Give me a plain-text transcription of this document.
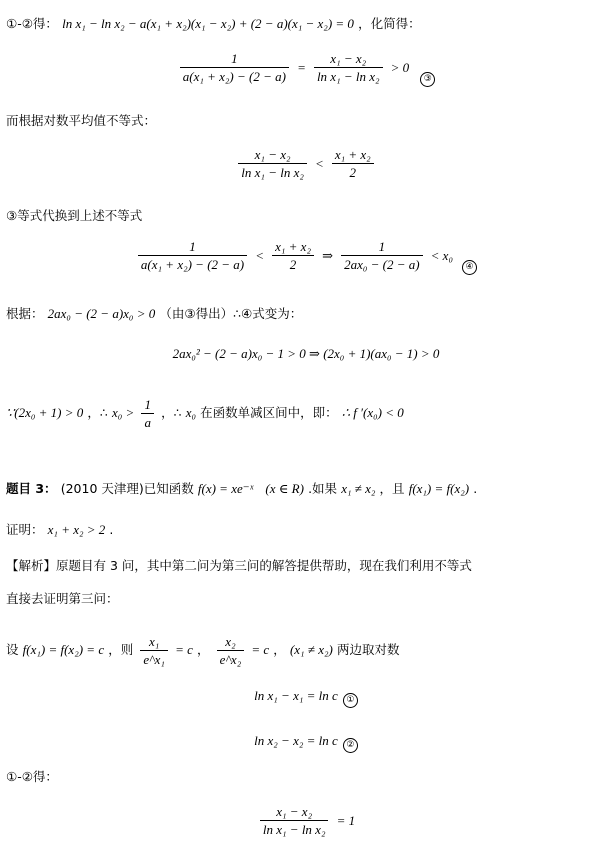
①-②得： ln x₁ − ln x₂ − a(x₁ + x₂)(x₁ − x₂) + (2 − a)(x₁ − x₂) = 0 ，化简得：
$\frac{1}{\text{a(x₁ + x₂) − (2 − a)}} = \frac{\text{x₁ − x₂}}{\text{ln x₁ − ln x₂}} > 0$ ③
而根据对数平均值不等式：
$\frac{\text{x₁ − x₂}}{\text{ln x₁ − ln x₂}} < \frac{\text{x₁ + x₂}}{2}$
③等式代换到上述不等式
$\frac{1}{\text{a(x₁ + x₂) − (2 − a)}} < \frac{\text{x₁ + x₂}}{2}$ ⇒ $\frac{1}{\text{2ax₀ − (2 − a)}} < x_0$ ④
根据： 2ax₀ − (2 − a)x₀ > 0 （由③得出）∴④式变为：
2ax₀² − (2 − a)x₀ − 1 > 0 ⇒ (2x₀ + 1)(ax₀ − 1) > 0
∵(2x₀ + 1) > 0 ，∴ $x_0 > \frac{1}{a}$ ，∴ x₀ 在函数单减区间中，即： ∴ f ′(x₀) < 0
题目 3： (2010 天津理)已知函数 f(x) = xe⁻ˣ (x ∈ R) .如果 x₁ ≠ x₂ ，且 f(x₁) = f(x₂) .
证明： x₁ + x₂ > 2 .
【解析】原题目有 3 问，其中第二问为第三问的解答提供帮助，现在我们利用不等式
直接去证明第三问：
设 f(x₁) = f(x₂) = c ，则 $\frac{\text{x₁}}{\text{e\textasciicircum{}x₁}} = c$ ， $\frac{\text{x₂}}{\text{e\textasciicircum{}x₂}} = c$ ， (x₁ ≠ x₂) 两边取对数
ln x₁ − x₁ = ln c ①
ln x₂ − x₂ = ln c ②
①-②得：
$\frac{\text{x₁ − x₂}}{\text{ln x₁ − ln x₂}} = 1$
